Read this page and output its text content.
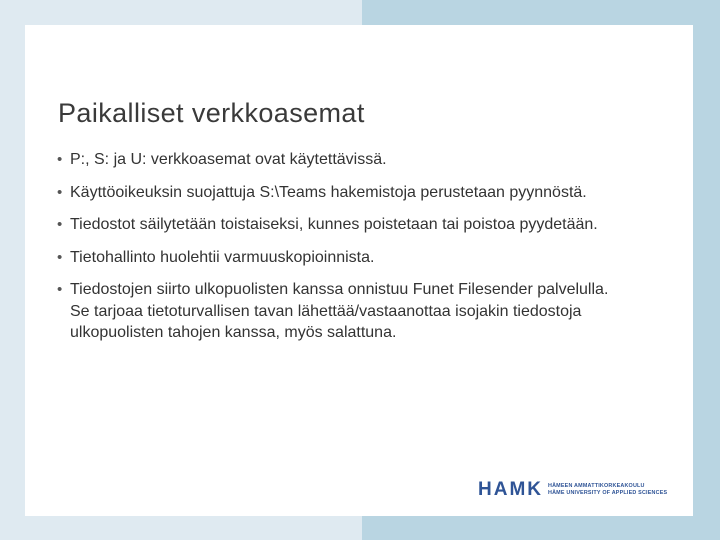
Paikalliset verkkoasemat
• P:, S: ja U: verkkoasemat ovat käytettävissä.
• Käyttöoikeuksin suojattuja S:\Teams hakemistoja perustetaan pyynnöstä.
• Tiedostot säilytetään toistaiseksi, kunnes poistetaan tai poistoa pyydetään.
• Tietohallinto huolehtii varmuuskopioinnista.
• Tiedostojen siirto ulkopuolisten kanssa onnistuu Funet Filesender palvelulla. Se tarjoaa tietoturvallisen tavan lähettää/vastaanottaa isojakin tiedostoja ulkopuolisten tahojen kanssa, myös salattuna.
HAMK HÄMEEN AMMATTIKORKEAKOULU
HÄME UNIVERSITY OF APPLIED SCIENCES
